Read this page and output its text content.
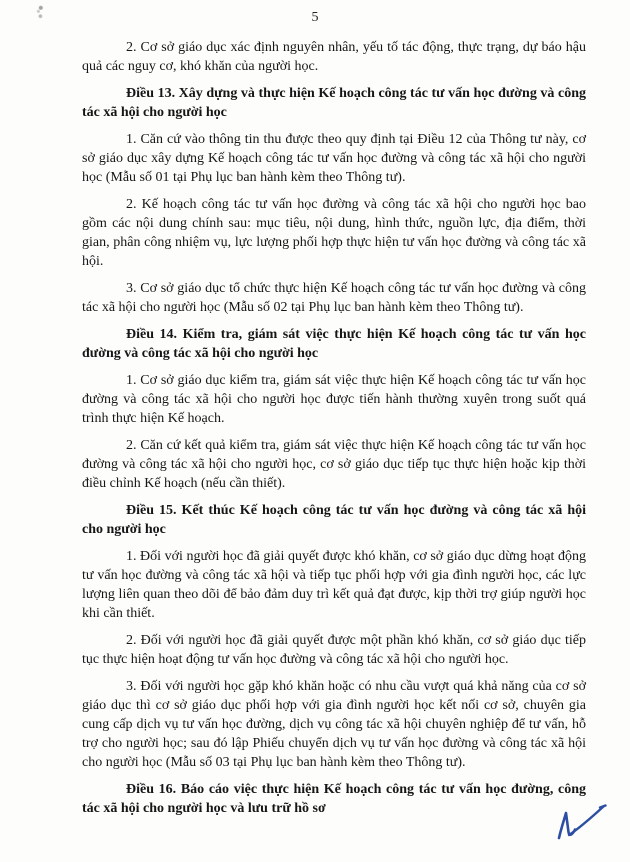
5

2. Cơ sở giáo dục xác định nguyên nhân, yếu tố tác động, thực trạng, dự báo hậu quả các nguy cơ, khó khăn của người học.

Điều 13. Xây dựng và thực hiện Kế hoạch công tác tư vấn học đường và công tác xã hội cho người học

1. Căn cứ vào thông tin thu được theo quy định tại Điều 12 của Thông tư này, cơ sở giáo dục xây dựng Kế hoạch công tác tư vấn học đường và công tác xã hội cho người học (Mẫu số 01 tại Phụ lục ban hành kèm theo Thông tư).

2. Kế hoạch công tác tư vấn học đường và công tác xã hội cho người học bao gồm các nội dung chính sau: mục tiêu, nội dung, hình thức, nguồn lực, địa điểm, thời gian, phân công nhiệm vụ, lực lượng phối hợp thực hiện tư vấn học đường và công tác xã hội.

3. Cơ sở giáo dục tổ chức thực hiện Kế hoạch công tác tư vấn học đường và công tác xã hội cho người học (Mẫu số 02 tại Phụ lục ban hành kèm theo Thông tư).

Điều 14. Kiểm tra, giám sát việc thực hiện Kế hoạch công tác tư vấn học đường và công tác xã hội cho người học

1. Cơ sở giáo dục kiểm tra, giám sát việc thực hiện Kế hoạch công tác tư vấn học đường và công tác xã hội cho người học được tiến hành thường xuyên trong suốt quá trình thực hiện Kế hoạch.

2. Căn cứ kết quả kiểm tra, giám sát việc thực hiện Kế hoạch công tác tư vấn học đường và công tác xã hội cho người học, cơ sở giáo dục tiếp tục thực hiện hoặc kịp thời điều chỉnh Kế hoạch (nếu cần thiết).

Điều 15. Kết thúc Kế hoạch công tác tư vấn học đường và công tác xã hội cho người học

1. Đối với người học đã giải quyết được khó khăn, cơ sở giáo dục dừng hoạt động tư vấn học đường và công tác xã hội và tiếp tục phối hợp với gia đình người học, các lực lượng liên quan theo dõi để bảo đảm duy trì kết quả đạt được, kịp thời trợ giúp người học khi cần thiết.

2. Đối với người học đã giải quyết được một phần khó khăn, cơ sở giáo dục tiếp tục thực hiện hoạt động tư vấn học đường và công tác xã hội cho người học.

3. Đối với người học gặp khó khăn hoặc có nhu cầu vượt quá khả năng của cơ sở giáo dục thì cơ sở giáo dục phối hợp với gia đình người học kết nối cơ sở, chuyên gia cung cấp dịch vụ tư vấn học đường, dịch vụ công tác xã hội chuyên nghiệp để tư vấn, hỗ trợ cho người học; sau đó lập Phiếu chuyển dịch vụ tư vấn học đường và công tác xã hội cho người học (Mẫu số 03 tại Phụ lục ban hành kèm theo Thông tư).

Điều 16. Báo cáo việc thực hiện Kế hoạch công tác tư vấn học đường, công tác xã hội cho người học và lưu trữ hồ sơ
